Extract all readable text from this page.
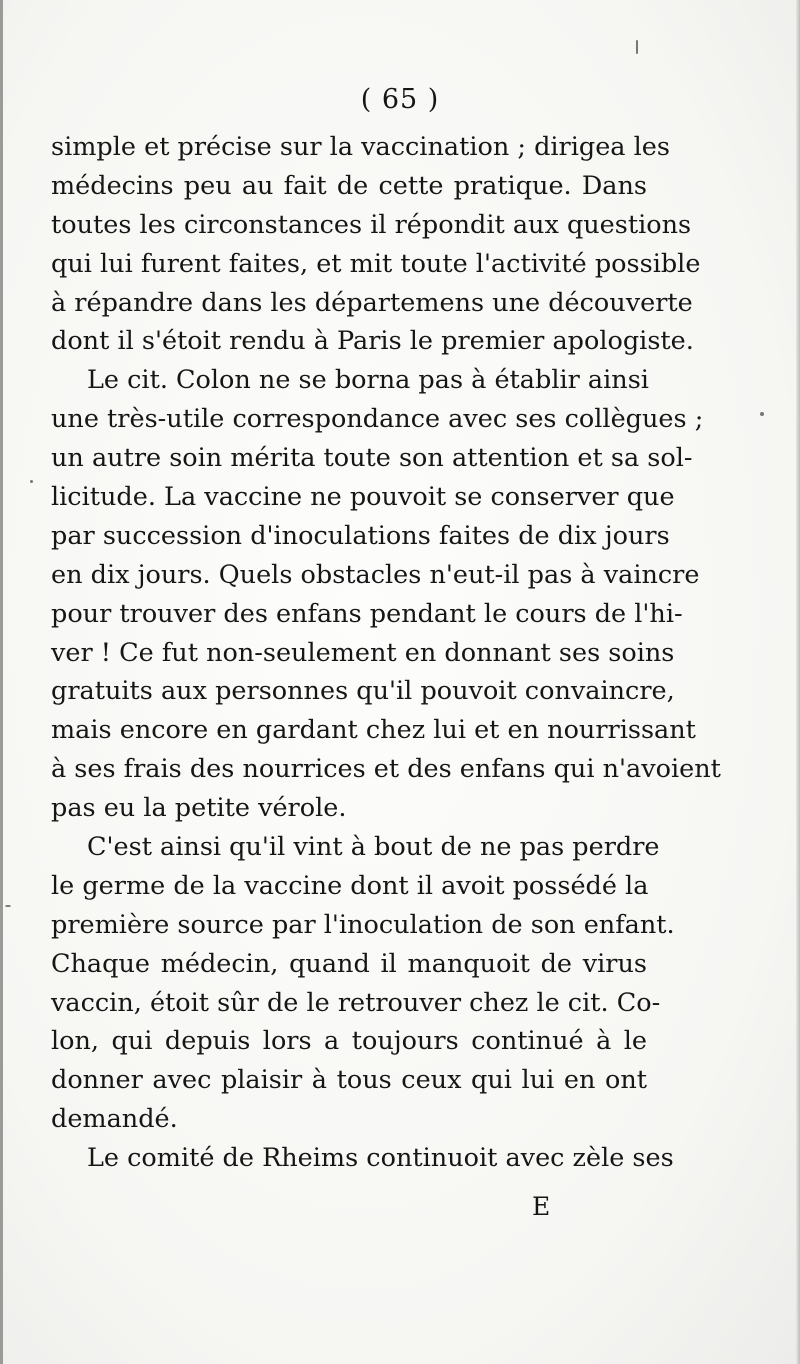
( 65 )
simple et précise sur la vaccination ; dirigea les
médecins peu au fait de cette pratique. Dans
toutes les circonstances il répondit aux questions
qui lui furent faites, et mit toute l'activité possible
à répandre dans les départemens une découverte
dont il s'étoit rendu à Paris le premier apologiste.
Le cit. Colon ne se borna pas à établir ainsi
une très-utile correspondance avec ses collègues ;
un autre soin mérita toute son attention et sa sol-
licitude. La vaccine ne pouvoit se conserver que
par succession d'inoculations faites de dix jours
en dix jours. Quels obstacles n'eut-il pas à vaincre
pour trouver des enfans pendant le cours de l'hi-
ver ! Ce fut non-seulement en donnant ses soins
gratuits aux personnes qu'il pouvoit convaincre,
mais encore en gardant chez lui et en nourrissant
à ses frais des nourrices et des enfans qui n'avoient
pas eu la petite vérole.
C'est ainsi qu'il vint à bout de ne pas perdre
le germe de la vaccine dont il avoit possédé la
première source par l'inoculation de son enfant.
Chaque médecin, quand il manquoit de virus
vaccin, étoit sûr de le retrouver chez le cit. Co-
lon, qui depuis lors a toujours continué à le
donner avec plaisir à tous ceux qui lui en ont
demandé.
Le comité de Rheims continuoit avec zèle ses
E
